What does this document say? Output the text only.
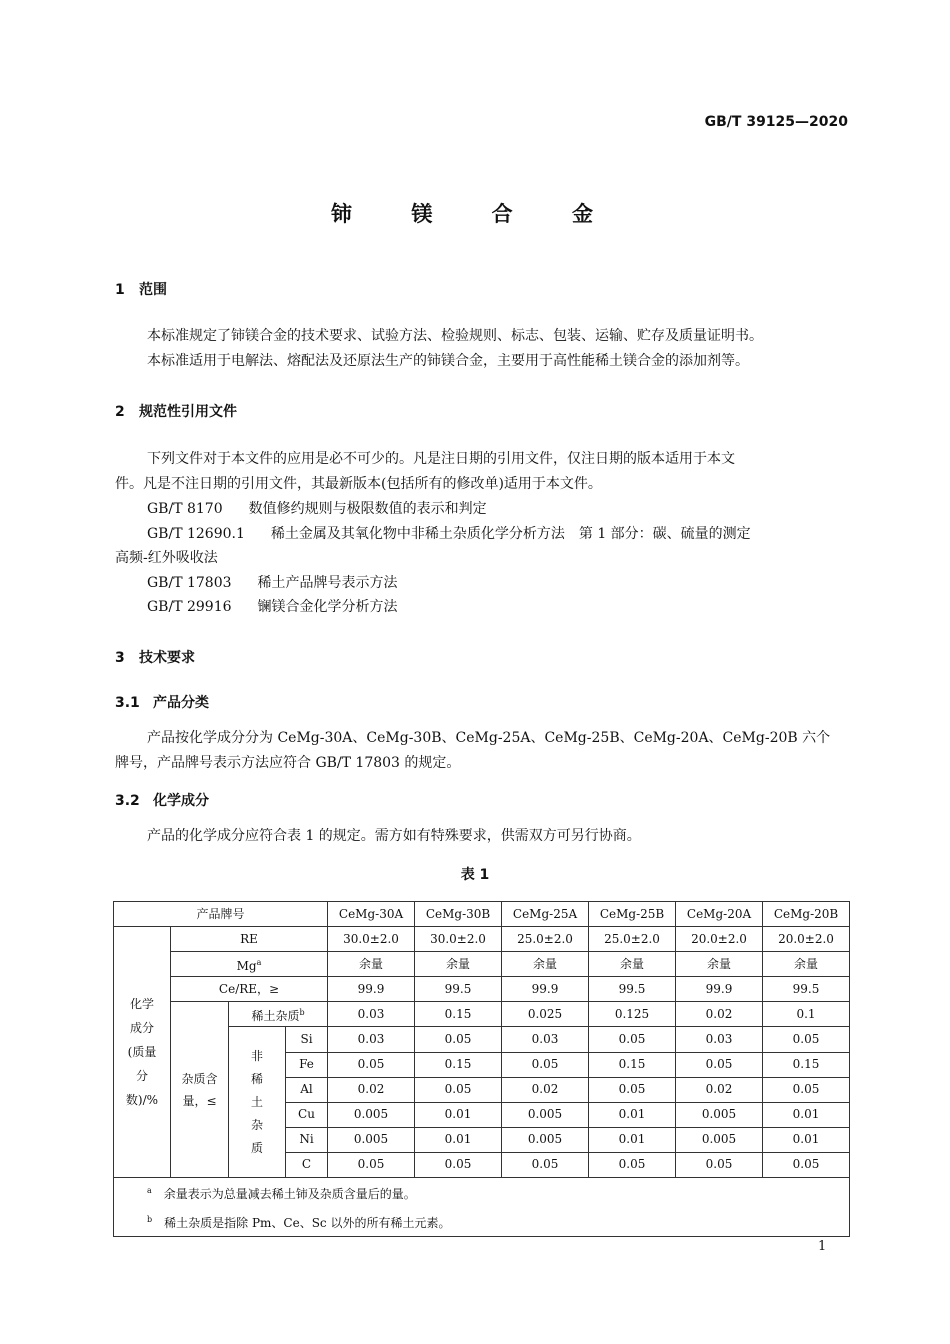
GB/T 39125—2020
铈 镁 合 金
1 范围
本标准规定了铈镁合金的技术要求、试验方法、检验规则、标志、包装、运输、贮存及质量证明书。
本标准适用于电解法、熔配法及还原法生产的铈镁合金，主要用于高性能稀土镁合金的添加剂等。
2 规范性引用文件
下列文件对于本文件的应用是必不可少的。凡是注日期的引用文件，仅注日期的版本适用于本文
件。凡是不注日期的引用文件，其最新版本(包括所有的修改单)适用于本文件。
GB/T 8170 数值修约规则与极限数值的表示和判定
GB/T 12690.1 稀土金属及其氧化物中非稀土杂质化学分析方法　第 1 部分：碳、硫量的测定
高频-红外吸收法
GB/T 17803 稀土产品牌号表示方法
GB/T 29916 镧镁合金化学分析方法
3 技术要求
3.1 产品分类
产品按化学成分分为 CeMg-30A、CeMg-30B、CeMg-25A、CeMg-25B、CeMg-20A、CeMg-20B 六个
牌号，产品牌号表示方法应符合 GB/T 17803 的规定。
3.2 化学成分
产品的化学成分应符合表 1 的规定。需方如有特殊要求，供需双方可另行协商。
表 1
产品牌号				CeMg-30A	CeMg-30B	CeMg-25A	CeMg-25B	CeMg-20A	CeMg-20B
化学成分(质量分数)/%	RE			30.0±2.0	30.0±2.0	25.0±2.0	25.0±2.0	20.0±2.0	20.0±2.0
	Mg$^a$			余量	余量	余量	余量	余量	余量
	Ce/RE，≥			99.9	99.5	99.9	99.5	99.9	99.5
	杂质含量，≤	稀土杂质$^b$		0.03	0.15	0.025	0.125	0.02	0.1
		非稀土杂质	Si	0.03	0.05	0.03	0.05	0.03	0.05
			Fe	0.05	0.15	0.05	0.15	0.05	0.15
			Al	0.02	0.05	0.02	0.05	0.02	0.05
			Cu	0.005	0.01	0.005	0.01	0.005	0.01
			Ni	0.005	0.01	0.005	0.01	0.005	0.01
			C	0.05	0.05	0.05	0.05	0.05	0.05

$^a$　 余量表示为总量减去稀土铈及杂质含量后的量。
$^b$　 稀土杂质是指除 Pm、Ce、Sc 以外的所有稀土元素。									
1
